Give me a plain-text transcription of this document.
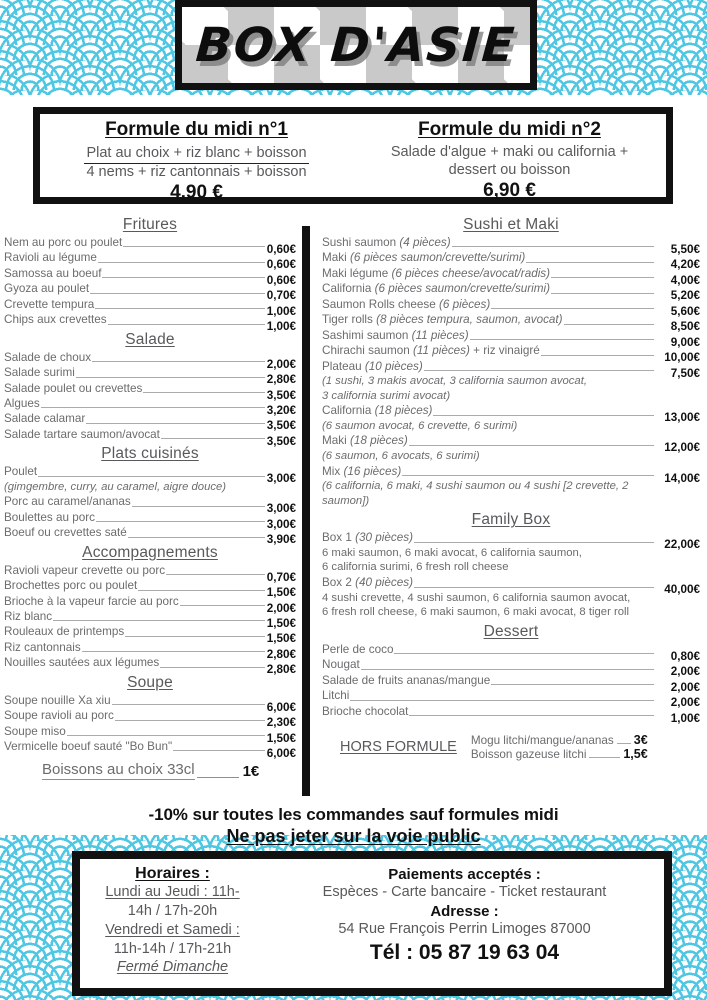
BOX D'ASIE
Formule du midi n°1
Plat au choix + riz blanc + boisson
4 nems + riz cantonnais + boisson
4,90 €
Formule du midi n°2
Salade d'algue + maki ou california +
dessert ou boisson
6,90 €
Fritures
Nem au porc ou poulet
0,60€
Ravioli au légume
0,60€
Samossa au boeuf
0,60€
Gyoza au poulet
0,70€
Crevette tempura
1,00€
Chips aux crevettes
1,00€
Salade
Salade de choux
2,00€
Salade surimi
2,80€
Salade poulet ou crevettes
3,50€
Algues
3,20€
Salade calamar
3,50€
Salade tartare saumon/avocat
3,50€
Plats cuisinés
Poulet
3,00€
(gimgembre, curry, au caramel, aigre douce)
Porc au caramel/ananas
3,00€
Boulettes au porc
3,00€
Boeuf ou crevettes saté
3,90€
Accompagnements
Ravioli vapeur crevette ou porc
0,70€
Brochettes porc ou poulet
1,50€
Brioche à la vapeur farcie au porc
2,00€
Riz blanc
1,50€
Rouleaux de printemps
1,50€
Riz cantonnais
2,80€
Nouilles sautées aux légumes
2,80€
Soupe
Soupe nouille Xa xiu
6,00€
Soupe ravioli au porc
2,30€
Soupe miso
1,50€
Vermicelle boeuf sauté "Bo Bun"
6,00€
Boissons au choix 33cl	1€
Sushi et Maki
Sushi saumon (4 pièces)
5,50€
Maki (6 pièces saumon/crevette/surimi)
4,20€
Maki légume (6 pièces cheese/avocat/radis)
4,00€
California (6 pièces saumon/crevette/surimi)
5,20€
Saumon Rolls cheese (6 pièces)
5,60€
Tiger rolls (8 pièces tempura, saumon, avocat)
8,50€
Sashimi saumon (11 pièces)
9,00€
Chirachi saumon (11 pièces) + riz vinaigré
10,00€
Plateau (10 pièces)
7,50€
(1 sushi, 3 makis avocat, 3 california saumon avocat,
3 california surimi avocat)
California (18 pièces)
13,00€
(6 saumon avocat, 6 crevette, 6 surimi)
Maki (18 pièces)
12,00€
(6 saumon, 6 avocats, 6 surimi)
Mix (16 pièces)
14,00€
(6 california, 6 maki, 4 sushi saumon ou 4 sushi [2 crevette, 2
saumon])
Family Box
Box 1 (30 pièces)
22,00€
6 maki saumon, 6 maki avocat, 6 california saumon,
6 california surimi, 6 fresh roll cheese
Box 2 (40 pièces)
40,00€
4 sushi crevette, 4 sushi saumon, 6 california saumon avocat,
6 fresh roll cheese, 6 maki saumon, 6 maki avocat, 8 tiger roll
Dessert
Perle de coco
0,80€
Nougat
2,00€
Salade de fruits ananas/mangue
2,00€
Litchi
2,00€
Brioche chocolat
1,00€
HORS FORMULE Mogu litchi/mangue/ananas 3€
Boisson gazeuse litchi	1,5€
-10% sur toutes les commandes sauf formules midi
Ne pas jeter sur la voie public
Horaires :
Lundi au Jeudi : 11h-
14h / 17h-20h
Vendredi et Samedi :
11h-14h / 17h-21h
Fermé Dimanche
Paiements acceptés :
Espèces - Carte bancaire - Ticket restaurant
Adresse :
54 Rue François Perrin Limoges 87000
Tél : 05 87 19 63 04
